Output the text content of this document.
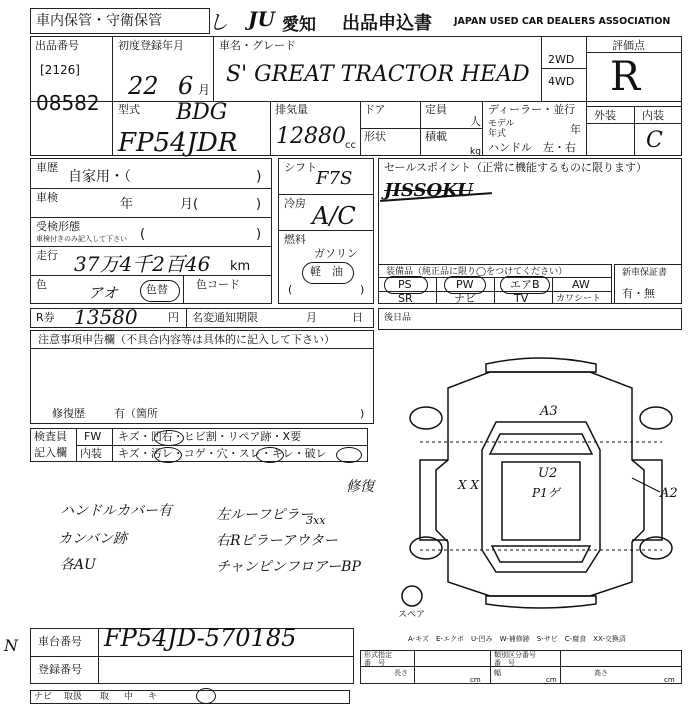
車内保管・守衛保管 し JU 愛知 出品申込書 JAPAN USED CAR DEALERS ASSOCIATION
出品番号
[2126]
08582
初度登録年月
22 6 月
車名・グレード
S' GREAT TRACTOR HEAD
2WD
4WD
評価点
R
外装 内装
C
型式 BDG
FP54JDR
排気量
12880 cc
ドア	定員
人
形状	積載
kg
ディーラー・並行
モデル
年式	年
ハンドル　左・右
車歴
自家用・（	)
車検	年	月(	)
受検形態
車検付きのみ記入して下さい (	)
走行 37万4千2百46 km
色	アオ	色替	色コード
シフト
F7S
冷房 A/C
燃料
ガソリン
軽　油
(	)
セールスポイント（正常に機能するものに限ります）
JISSOKU
装備品（純正品に限り◯をつけてください）
PS	PW	エアB	AW
SR	ナビ	TV	カワシート
新車保証書
有・無
R券 13580	円 名変通知期限	月	日 後日品
注意事項申告欄（不具合内容等は具体的に記入して下さい）
修復歴	有（箇所	)
検査員
記入欄
FW キズ・凹右・ヒビ割・リペア跡・X要
内装 キズ・汚レ・コゲ・穴・スレ・キレ・破レ
ハンドルカバー有
カンバン跡
各AU
左ルーフピラー
右Rピラーアウター
チャンピンフロアーBP
3xx
修復
A3
X X
U2
P1ゲ	A2
スペア
A-キズ　E-エクボ　U-凹み　W-補修跡　S-サビ　C-腐食　XX-交換済
N 車台番号 FP54JD-570185
登録番号
形式指定
番　号
類別区分番号
番　号
長さ
cm
幅
cm
高さ
cm
ナビ 取扱 取 中 キ
